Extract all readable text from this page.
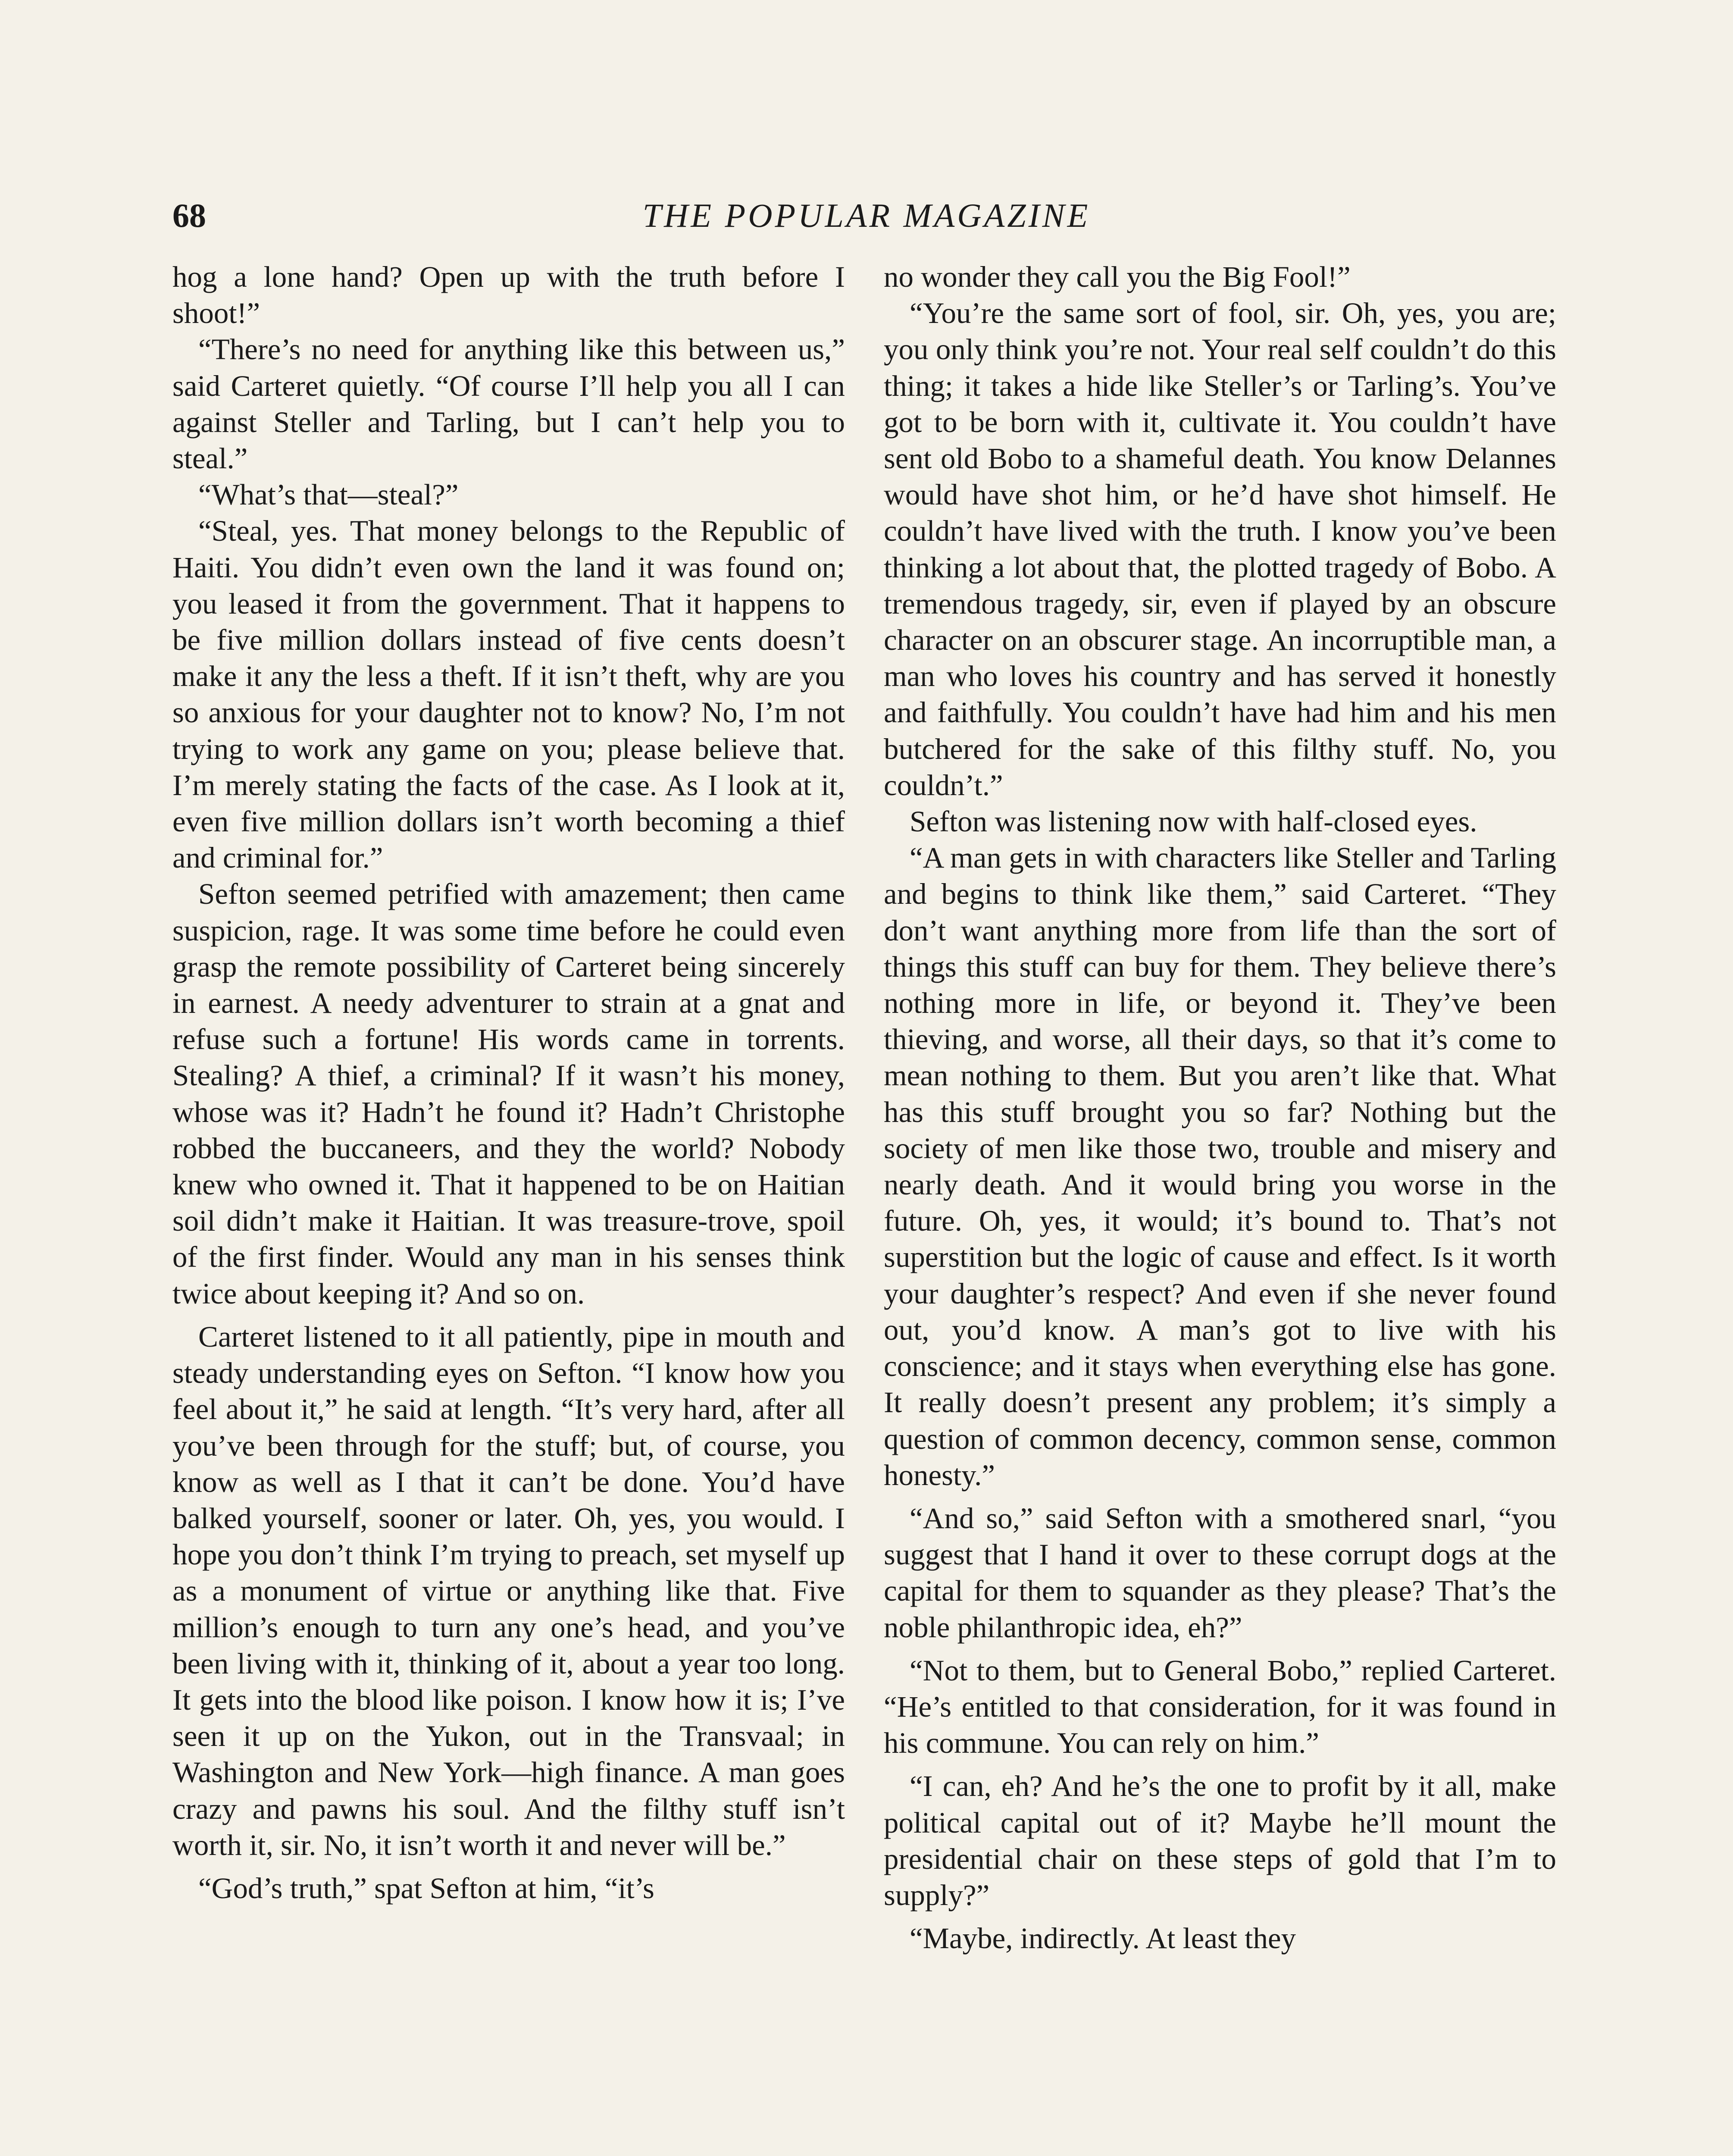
68	THE POPULAR MAGAZINE

hog a lone hand? Open up with the truth before I shoot!”

“There’s no need for anything like this between us,” said Carteret quietly. “Of course I’ll help you all I can against Steller and Tarling, but I can’t help you to steal.”

“What’s that—steal?”

“Steal, yes. That money belongs to the Republic of Haiti. You didn’t even own the land it was found on; you leased it from the government. That it happens to be five million dollars instead of five cents doesn’t make it any the less a theft. If it isn’t theft, why are you so anxious for your daughter not to know? No, I’m not trying to work any game on you; please believe that. I’m merely stating the facts of the case. As I look at it, even five million dollars isn’t worth becoming a thief and criminal for.”

Sefton seemed petrified with amazement; then came suspicion, rage. It was some time before he could even grasp the remote possibility of Carteret being sincerely in earnest. A needy adventurer to strain at a gnat and refuse such a fortune! His words came in torrents. Stealing? A thief, a criminal? If it wasn’t his money, whose was it? Hadn’t he found it? Hadn’t Christophe robbed the buccaneers, and they the world? Nobody knew who owned it. That it happened to be on Haitian soil didn’t make it Haitian. It was treasure-trove, spoil of the first finder. Would any man in his senses think twice about keeping it? And so on.

Carteret listened to it all patiently, pipe in mouth and steady understanding eyes on Sefton. “I know how you feel about it,” he said at length. “It’s very hard, after all you’ve been through for the stuff; but, of course, you know as well as I that it can’t be done. You’d have balked yourself, sooner or later. Oh, yes, you would. I hope you don’t think I’m trying to preach, set myself up as a monument of virtue or anything like that. Five million’s enough to turn any one’s head, and you’ve been living with it, thinking of it, about a year too long. It gets into the blood like poison. I know how it is; I’ve seen it up on the Yukon, out in the Transvaal; in Washington and New York—high finance. A man goes crazy and pawns his soul. And the filthy stuff isn’t worth it, sir. No, it isn’t worth it and never will be.”

“God’s truth,” spat Sefton at him, “it’s

no wonder they call you the Big Fool!”

“You’re the same sort of fool, sir. Oh, yes, you are; you only think you’re not. Your real self couldn’t do this thing; it takes a hide like Steller’s or Tarling’s. You’ve got to be born with it, cultivate it. You couldn’t have sent old Bobo to a shameful death. You know Delannes would have shot him, or he’d have shot himself. He couldn’t have lived with the truth. I know you’ve been thinking a lot about that, the plotted tragedy of Bobo. A tremendous tragedy, sir, even if played by an obscure character on an obscurer stage. An incorruptible man, a man who loves his country and has served it honestly and faithfully. You couldn’t have had him and his men butchered for the sake of this filthy stuff. No, you couldn’t.”

Sefton was listening now with half-closed eyes.

“A man gets in with characters like Steller and Tarling and begins to think like them,” said Carteret. “They don’t want anything more from life than the sort of things this stuff can buy for them. They believe there’s nothing more in life, or beyond it. They’ve been thieving, and worse, all their days, so that it’s come to mean nothing to them. But you aren’t like that. What has this stuff brought you so far? Nothing but the society of men like those two, trouble and misery and nearly death. And it would bring you worse in the future. Oh, yes, it would; it’s bound to. That’s not superstition but the logic of cause and effect. Is it worth your daughter’s respect? And even if she never found out, you’d know. A man’s got to live with his conscience; and it stays when everything else has gone. It really doesn’t present any problem; it’s simply a question of common decency, common sense, common honesty.”

“And so,” said Sefton with a smothered snarl, “you suggest that I hand it over to these corrupt dogs at the capital for them to squander as they please? That’s the noble philanthropic idea, eh?”

“Not to them, but to General Bobo,” replied Carteret. “He’s entitled to that consideration, for it was found in his commune. You can rely on him.”

“I can, eh? And he’s the one to profit by it all, make political capital out of it? Maybe he’ll mount the presidential chair on these steps of gold that I’m to supply?”

“Maybe, indirectly. At least they
